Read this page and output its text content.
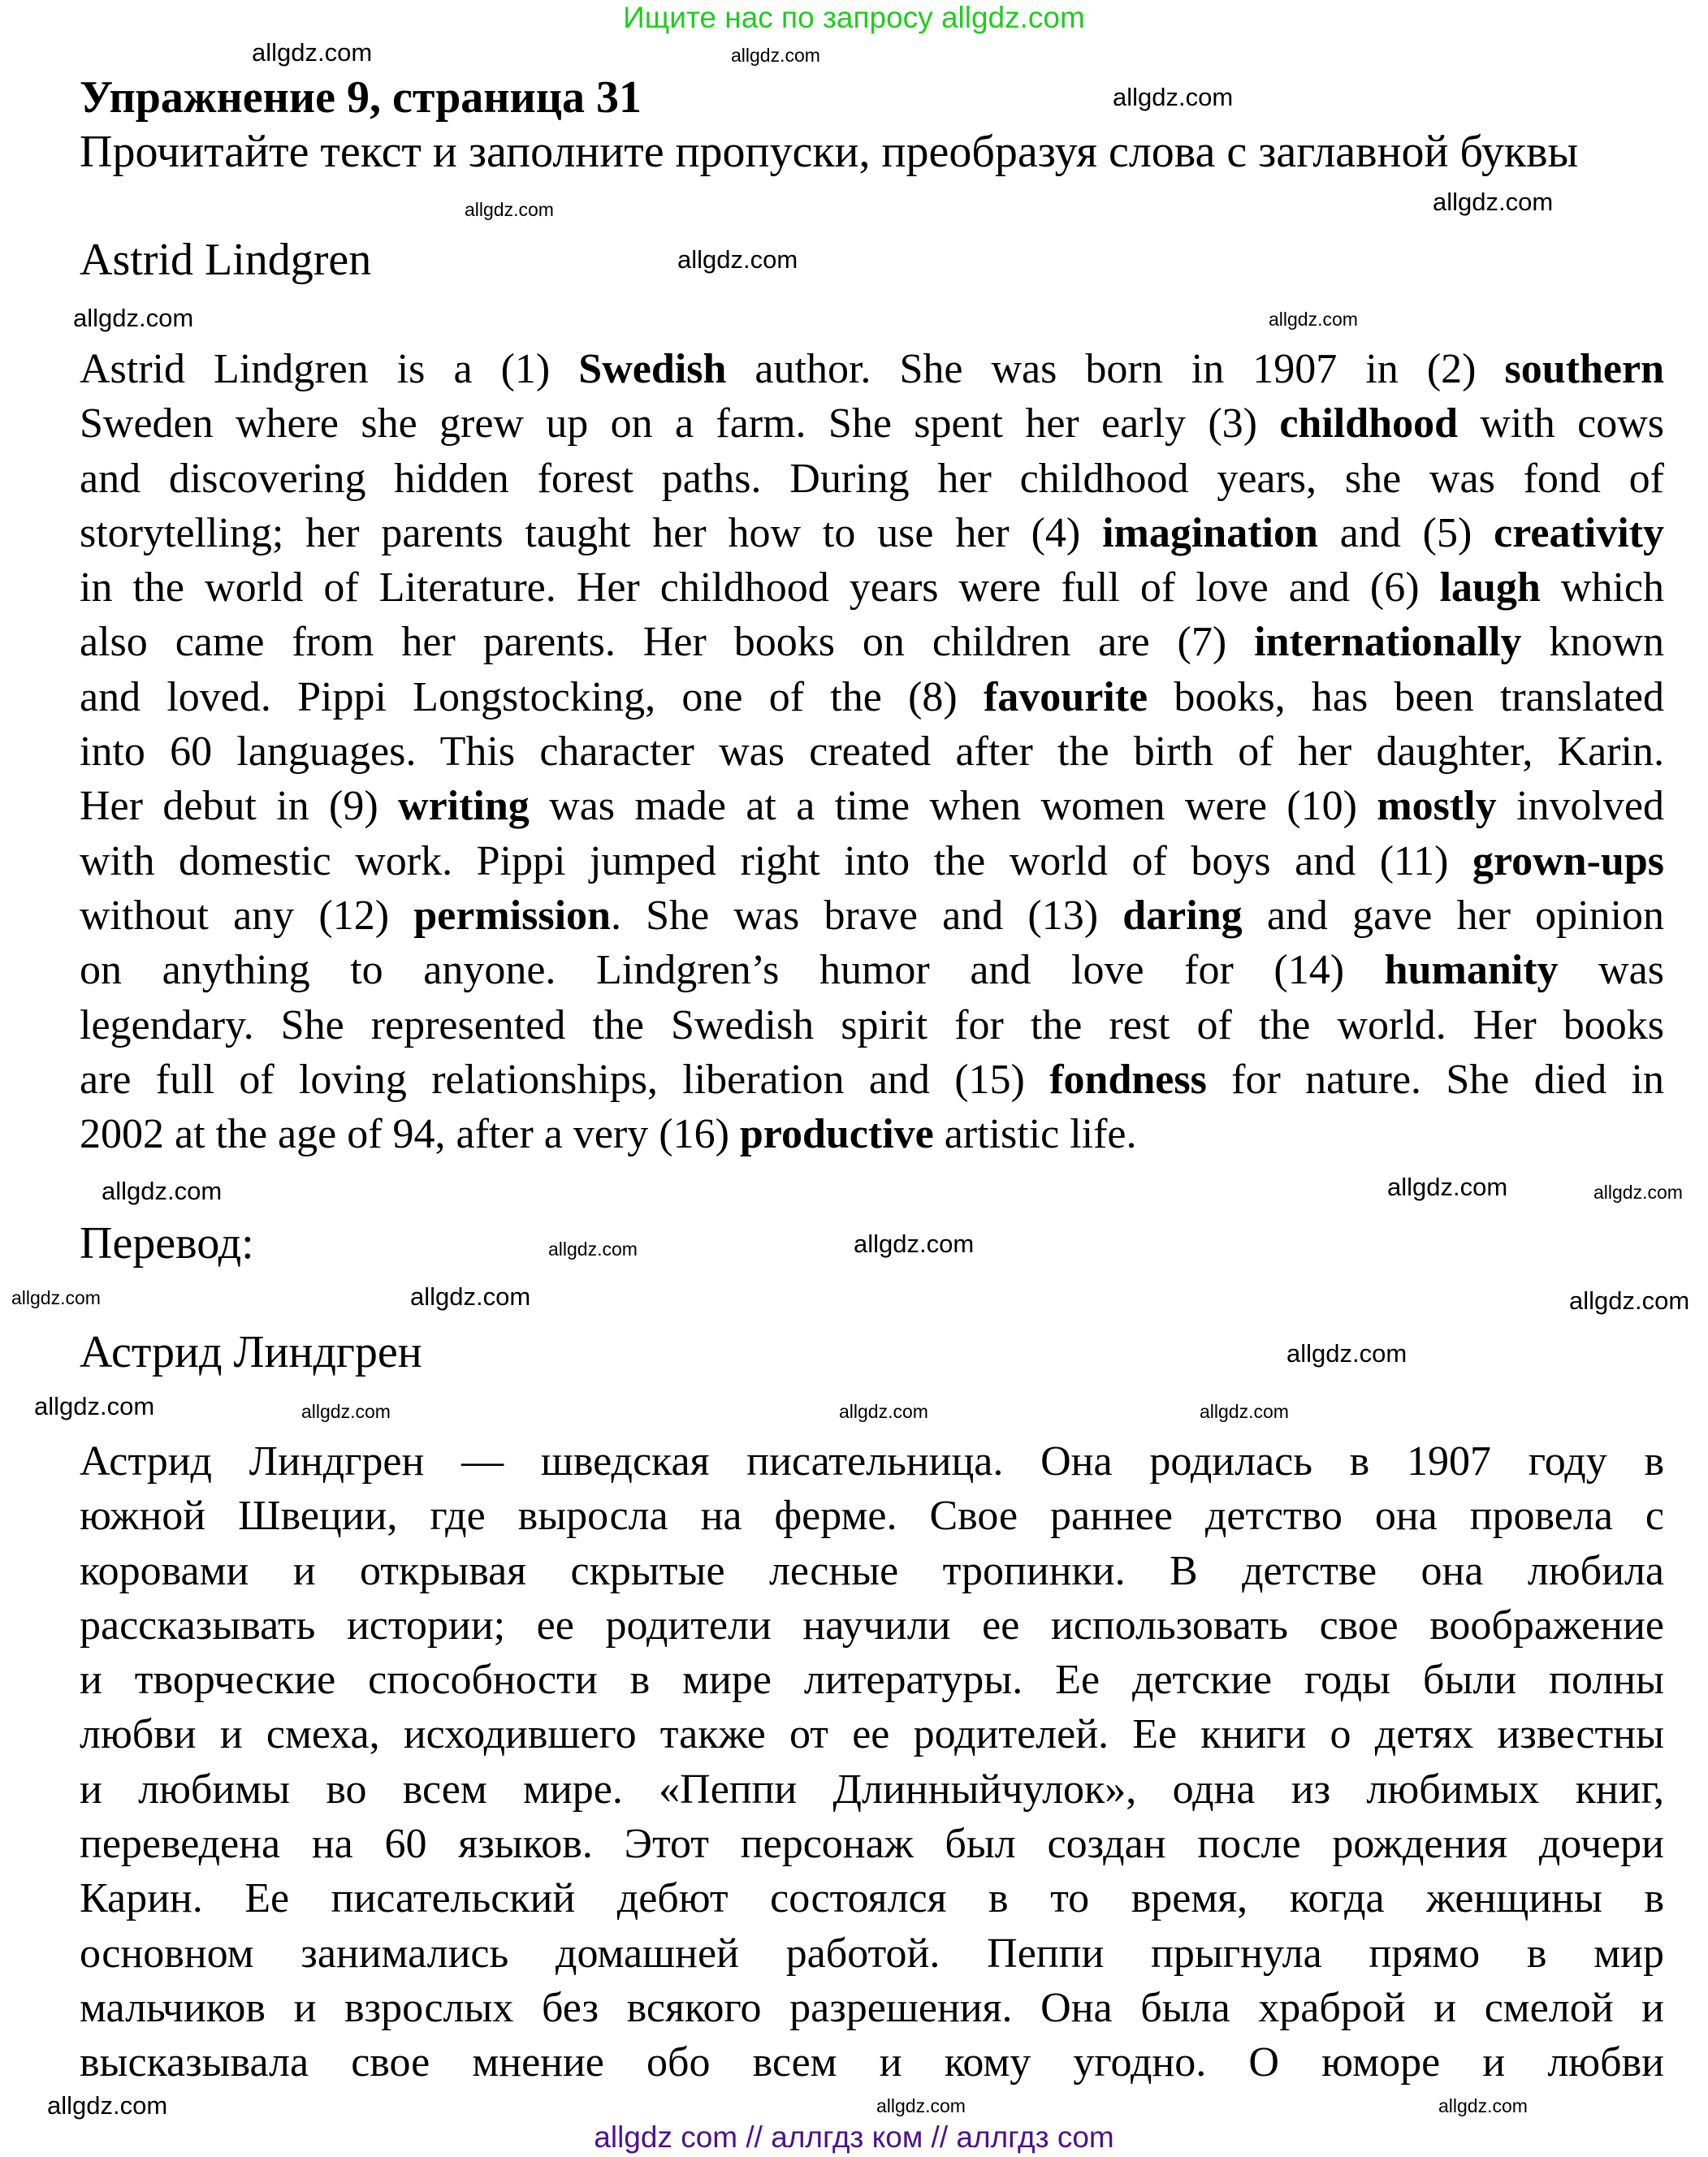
Ищите нас по запросу allgdz.com
Упражнение 9, страница 31
Прочитайте текст и заполните пропуски, преобразуя слова с заглавной буквы
Astrid Lindgren
Astrid Lindgren is a (1) Swedish author. She was born in 1907 in (2) southern
Sweden where she grew up on a farm. She spent her early (3) childhood with cows
and discovering hidden forest paths. During her childhood years, she was fond of
storytelling; her parents taught her how to use her (4) imagination and (5) creativity
in the world of Literature. Her childhood years were full of love and (6) laugh which
also came from her parents. Her books on children are (7) internationally known
and loved. Pippi Longstocking, one of the (8) favourite books, has been translated
into 60 languages. This character was created after the birth of her daughter, Karin.
Her debut in (9) writing was made at a time when women were (10) mostly involved
with domestic work. Pippi jumped right into the world of boys and (11) grown-ups
without any (12) permission. She was brave and (13) daring and gave her opinion
on anything to anyone. Lindgren’s humor and love for (14) humanity was
legendary. She represented the Swedish spirit for the rest of the world. Her books
are full of loving relationships, liberation and (15) fondness for nature. She died in
2002 at the age of 94, after a very (16) productive artistic life.
Перевод:
Астрид Линдгрен
Астрид Линдгрен — шведская писательница. Она родилась в 1907 году в
южной Швеции, где выросла на ферме. Свое раннее детство она провела с
коровами и открывая скрытые лесные тропинки. В детстве она любила
рассказывать истории; ее родители научили ее использовать свое воображение
и творческие способности в мире литературы. Ее детские годы были полны
любви и смеха, исходившего также от ее родителей. Ее книги о детях известны
и любимы во всем мире. «Пеппи Длинныйчулок», одна из любимых книг,
переведена на 60 языков. Этот персонаж был создан после рождения дочери
Карин. Ее писательский дебют состоялся в то время, когда женщины в
основном занимались домашней работой. Пеппи прыгнула прямо в мир
мальчиков и взрослых без всякого разрешения. Она была храброй и смелой и
высказывала свое мнение обо всем и кому угодно. О юморе и любви
allgdz.com
allgdz.com
allgdz.com
allgdz.com
allgdz.com	allgdz.com
allgdz.com
allgdz.com
allgdz.com
allgdz.com
allgdz.com
allgdz.com
allgdz.com
allgdz.com	allgdz.com
allgdz.com
allgdz.com	allgdz.com
allgdz.com
allgdz.com
allgdz.com
allgdz.com	allgdz.com
allgdz.com
allgdz com // аллгдз ком // аллгдз com
